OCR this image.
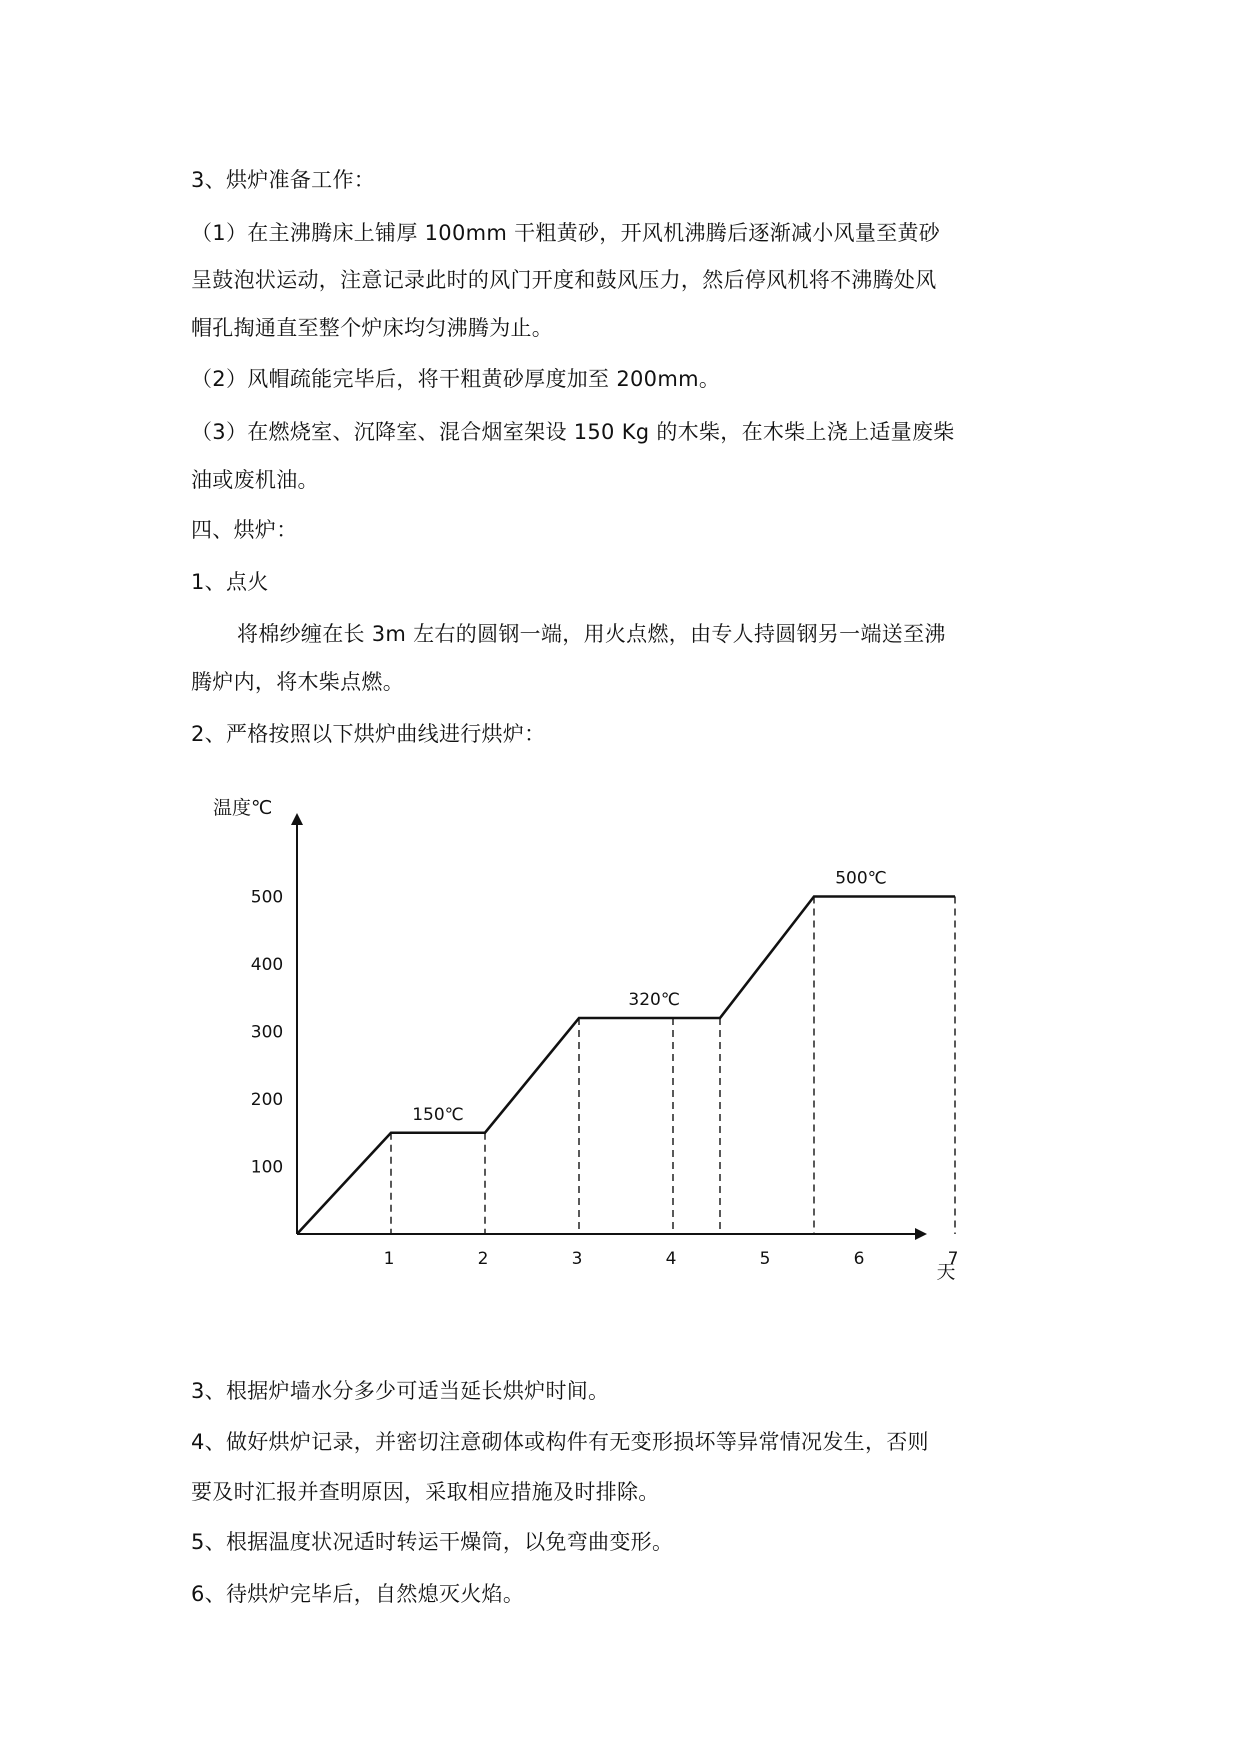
3、烘炉准备工作：
（1）在主沸腾床上铺厚 100mm 干粗黄砂，开风机沸腾后逐渐减小风量至黄砂
呈鼓泡状运动，注意记录此时的风门开度和鼓风压力，然后停风机将不沸腾处风
帽孔掏通直至整个炉床均匀沸腾为止。
（2）风帽疏能完毕后，将干粗黄砂厚度加至 200mm。
（3）在燃烧室、沉降室、混合烟室架设 150 Kg 的木柴，在木柴上浇上适量废柴
油或废机油。
四、烘炉：
1、点火
将棉纱缠在长 3m 左右的圆钢一端，用火点燃，由专人持圆钢另一端送至沸
腾炉内，将木柴点燃。
2、严格按照以下烘炉曲线进行烘炉：
100
200
300
400
500
1	2	3	4	5	6	7
温度℃
天
150℃
320℃
500℃
3、根据炉墙水分多少可适当延长烘炉时间。
4、做好烘炉记录，并密切注意砌体或构件有无变形损坏等异常情况发生，否则
要及时汇报并查明原因，采取相应措施及时排除。
5、根据温度状况适时转运干燥筒，以免弯曲变形。
6、待烘炉完毕后，自然熄灭火焰。
